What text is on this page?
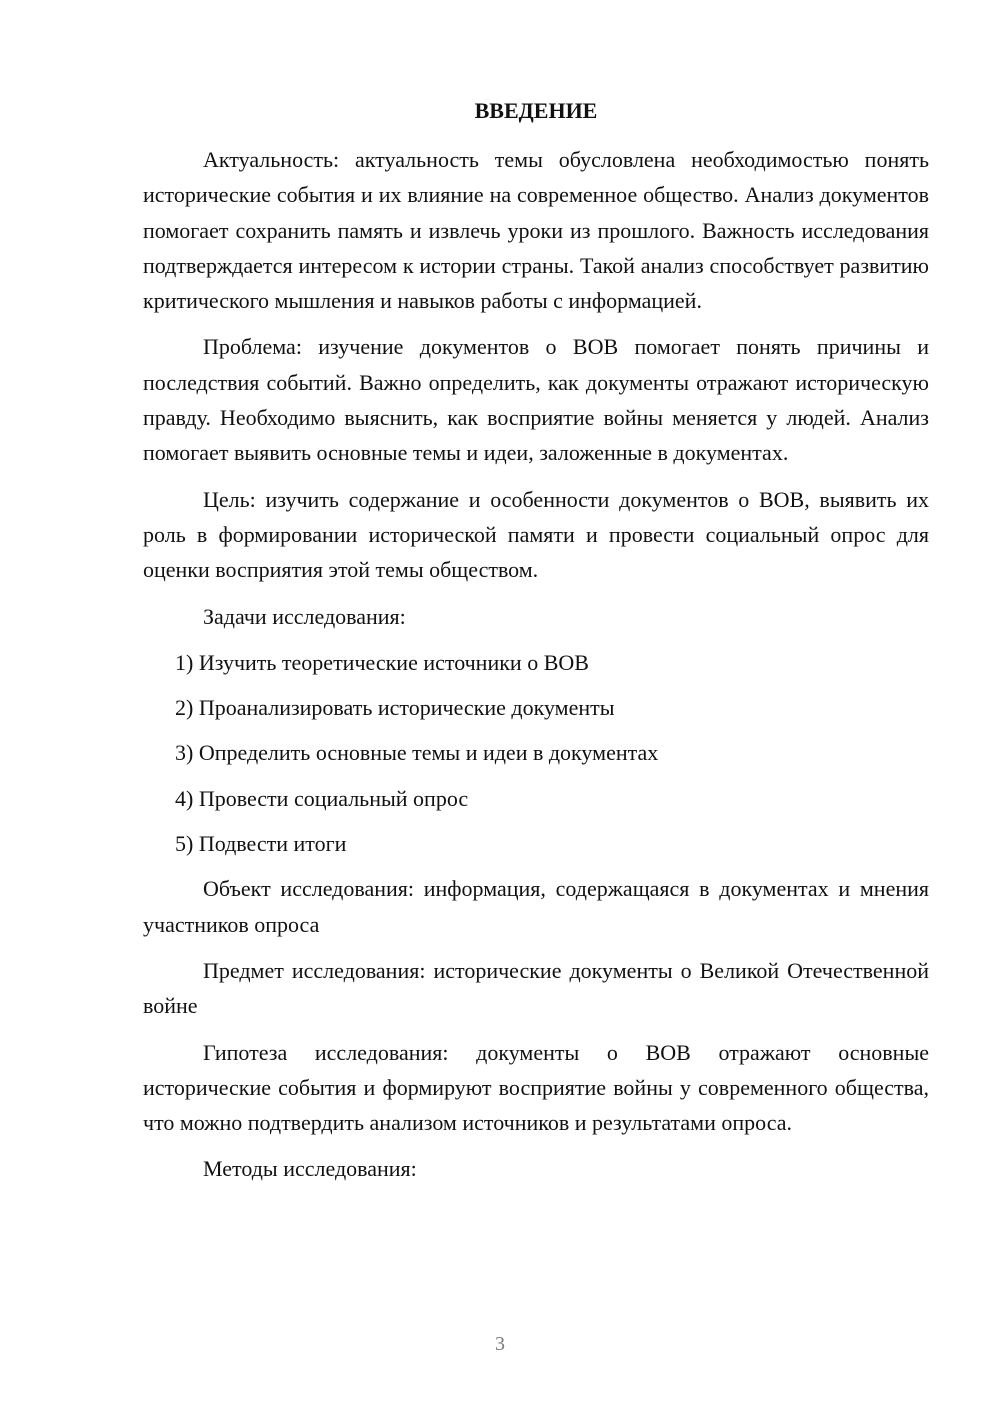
ВВЕДЕНИЕ

Актуальность: актуальность темы обусловлена необходимостью понять исторические события и их влияние на современное общество. Анализ документов помогает сохранить память и извлечь уроки из прошлого. Важность исследования подтверждается интересом к истории страны. Такой анализ способствует развитию критического мышления и навыков работы с информацией.

Проблема: изучение документов о ВОВ помогает понять причины и последствия событий. Важно определить, как документы отражают историческую правду. Необходимо выяснить, как восприятие войны меняется у людей. Анализ помогает выявить основные темы и идеи, заложенные в документах.

Цель: изучить содержание и особенности документов о ВОВ, выявить их роль в формировании исторической памяти и провести социальный опрос для оценки восприятия этой темы обществом.

Задачи исследования:

1) Изучить теоретические источники о ВОВ
2) Проанализировать исторические документы
3) Определить основные темы и идеи в документах
4) Провести социальный опрос
5) Подвести итоги

Объект исследования: информация, содержащаяся в документах и мнения участников опроса

Предмет исследования: исторические документы о Великой Отечественной войне

Гипотеза исследования: документы о ВОВ отражают основные исторические события и формируют восприятие войны у современного общества, что можно подтвердить анализом источников и результатами опроса.

Методы исследования:

3
